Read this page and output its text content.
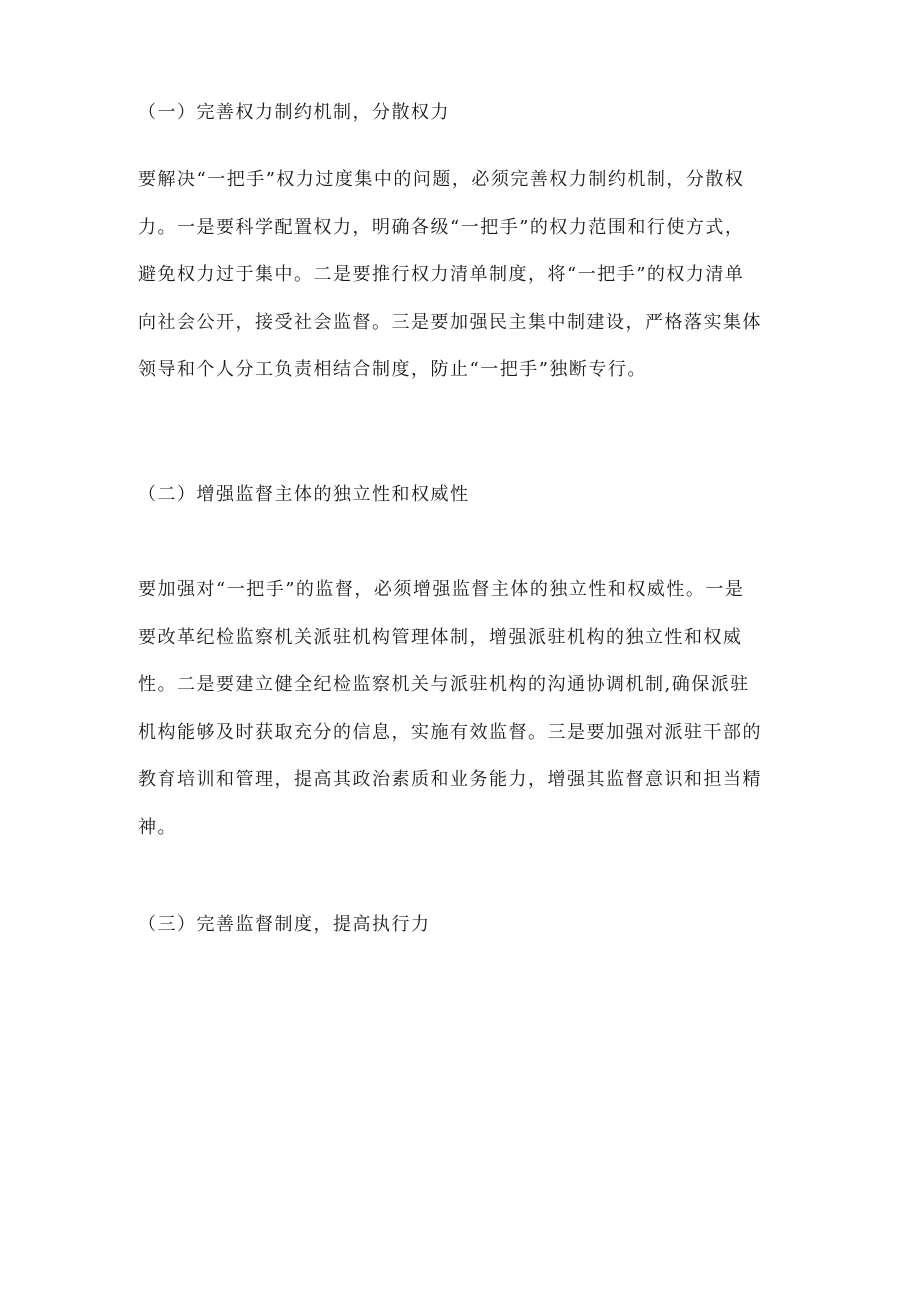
（一）完善权力制约机制，分散权力
要解决“一把手”权力过度集中的问题，必须完善权力制约机制，分散权
力。一是要科学配置权力，明确各级“一把手”的权力范围和行使方式，
避免权力过于集中。二是要推行权力清单制度，将“一把手”的权力清单
向社会公开，接受社会监督。三是要加强民主集中制建设，严格落实集体
领导和个人分工负责相结合制度，防止“一把手”独断专行。
（二）增强监督主体的独立性和权威性
要加强对“一把手”的监督，必须增强监督主体的独立性和权威性。一是
要改革纪检监察机关派驻机构管理体制，增强派驻机构的独立性和权威
性。二是要建立健全纪检监察机关与派驻机构的沟通协调机制,确保派驻
机构能够及时获取充分的信息，实施有效监督。三是要加强对派驻干部的
教育培训和管理，提高其政治素质和业务能力，增强其监督意识和担当精
神。
（三）完善监督制度，提高执行力
